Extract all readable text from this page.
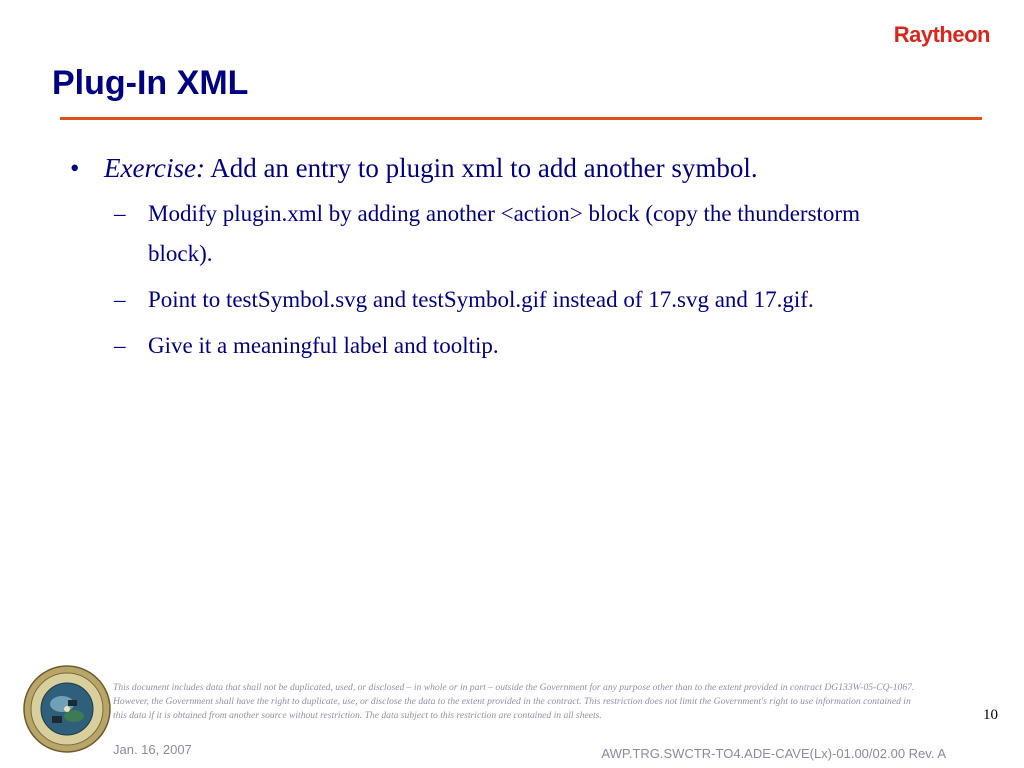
Raytheon
Plug-In XML
• Exercise: Add an entry to plugin xml to add another symbol.
– Modify plugin.xml by adding another <action> block (copy the thunderstorm block).
– Point to testSymbol.svg and testSymbol.gif instead of 17.svg and 17.gif.
– Give it a meaningful label and tooltip.

This document includes data that shall not be duplicated, used, or disclosed – in whole or in part – outside the Government for any purpose other than to the extent provided in contract DG133W-05-CQ-1067. However, the Government shall have the right to duplicate, use, or disclose the data to the extent provided in the contract. This restriction does not limit the Government's right to use information contained in this data if it is obtained from another source without restriction. The data subject to this restriction are contained in all sheets.	10
Jan. 16, 2007	AWP.TRG.SWCTR-TO4.ADE-CAVE(Lx)-01.00/02.00 Rev. A
